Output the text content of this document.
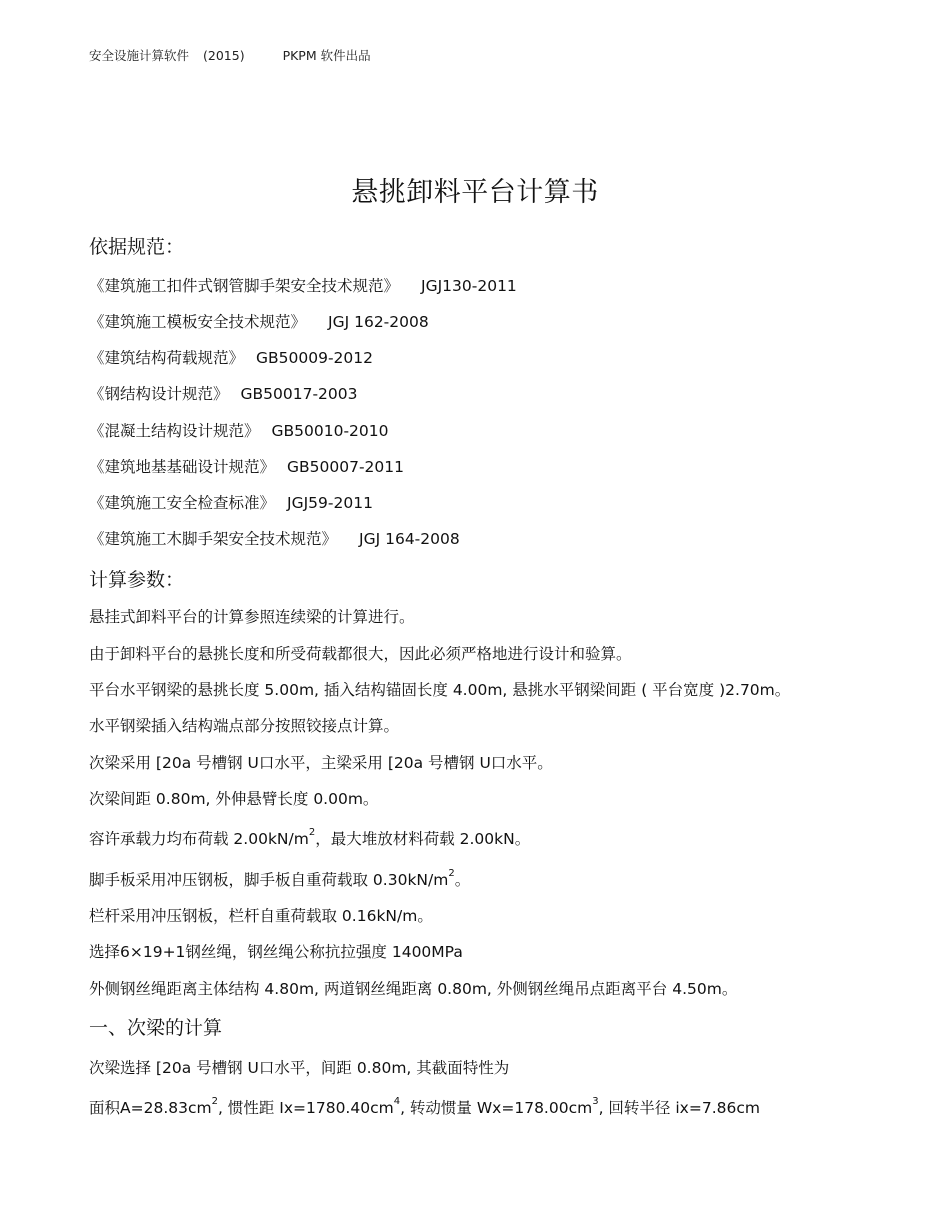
安全设施计算软件 (2015)	PKPM 软件出品
悬挑卸料平台计算书
依据规范：
《建筑施工扣件式钢管脚手架安全技术规范》 JGJ130-2011
《建筑施工模板安全技术规范》 JGJ 162-2008
《建筑结构荷载规范》 GB50009-2012
《钢结构设计规范》 GB50017-2003
《混凝土结构设计规范》 GB50010-2010
《建筑地基基础设计规范》 GB50007-2011
《建筑施工安全检查标准》 JGJ59-2011
《建筑施工木脚手架安全技术规范》 JGJ 164-2008
计算参数：
悬挂式卸料平台的计算参照连续梁的计算进行。
由于卸料平台的悬挑长度和所受荷载都很大，因此必须严格地进行设计和验算。
平台水平钢梁的悬挑长度 5.00m, 插入结构锚固长度 4.00m, 悬挑水平钢梁间距 ( 平台宽度 )2.70m。
水平钢梁插入结构端点部分按照铰接点计算。
次梁采用 [20a 号槽钢 U口水平，主梁采用 [20a 号槽钢 U口水平。
次梁间距 0.80m, 外伸悬臂长度 0.00m。
容许承载力均布荷载 $2.00kN/m^2$，最大堆放材料荷载 2.00kN。
脚手板采用冲压钢板，脚手板自重荷载取 $0.30kN/m^2$。
栏杆采用冲压钢板，栏杆自重荷载取 0.16kN/m。
选择6×19+1钢丝绳，钢丝绳公称抗拉强度 1400MPa
外侧钢丝绳距离主体结构 4.80m, 两道钢丝绳距离 0.80m, 外侧钢丝绳吊点距离平台 4.50m。
一、次梁的计算
次梁选择 [20a 号槽钢 U口水平，间距 0.80m, 其截面特性为
面积$A=28.83cm^2$, 惯性距 $Ix=1780.40cm^4$, 转动惯量 $Wx=178.00cm^3$, 回转半径 ix=7.86cm
